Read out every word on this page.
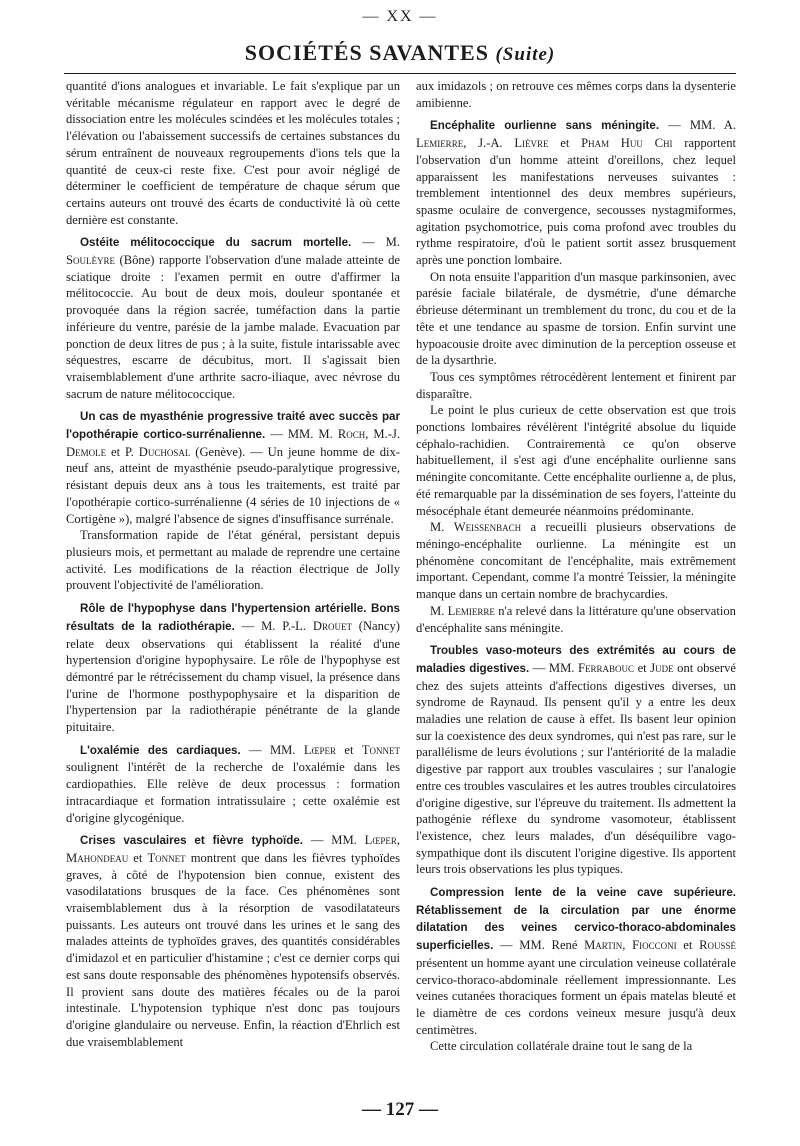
— XX —
SOCIÉTÉS SAVANTES (Suite)

quantité d'ions analogues et invariable. Le fait s'explique par un véritable mécanisme régulateur en rapport avec le degré de dissociation entre les molécules scindées et les molécules totales ; l'élévation ou l'abaissement successifs de certaines substances du sérum entraînent de nouveaux regroupements d'ions tels que la quantité de ceux-ci reste fixe. C'est pour avoir négligé de déterminer le coefficient de température de chaque sérum que certains auteurs ont trouvé des écarts de conductivité là où cette dernière est constante.

Ostéite mélitococcique du sacrum mortelle. — M. Soulèyre (Bône) rapporte l'observation d'une malade atteinte de sciatique droite : l'examen permit en outre d'affirmer la mélitococcie. Au bout de deux mois, douleur spontanée et provoquée dans la région sacrée, tuméfaction dans la partie inférieure du ventre, parésie de la jambe malade. Evacuation par ponction de deux litres de pus ; à la suite, fistule intarissable avec séquestres, escarre de décubitus, mort. Il s'agissait bien vraisemblablement d'une arthrite sacro-iliaque, avec névrose du sacrum de nature mélitococcique.

Un cas de myasthénie progressive traité avec succès par l'opothérapie cortico-surrénalienne. — MM. M. Roch, M.-J. Demole et P. Duchosal (Genève). — Un jeune homme de dix-neuf ans, atteint de myasthénie pseudo-paralytique progressive, résistant depuis deux ans à tous les traitements, est traité par l'opothérapie cortico-surrénalienne (4 séries de 10 injections de « Cortigène »), malgré l'absence de signes d'insuffisance surrénale.

Transformation rapide de l'état général, persistant depuis plusieurs mois, et permettant au malade de reprendre une certaine activité. Les modifications de la réaction électrique de Jolly prouvent l'objectivité de l'amélioration.

Rôle de l'hypophyse dans l'hypertension artérielle. Bons résultats de la radiothérapie. — M. P.-L. Drouet (Nancy) relate deux observations qui établissent la réalité d'une hypertension d'origine hypophysaire. Le rôle de l'hypophyse est démontré par le rétrécissement du champ visuel, la présence dans l'urine de l'hormone posthypophysaire et la disparition de l'hypertension par la radiothérapie pénétrante de la glande pituitaire.

L'oxalémie des cardiaques. — MM. Lœper et Tonnet soulignent l'intérêt de la recherche de l'oxalémie dans les cardiopathies. Elle relève de deux processus : formation intracardiaque et formation intratissulaire ; cette oxalémie est d'origine glycogénique.

Crises vasculaires et fièvre typhoïde. — MM. Lœper, Mahondeau et Tonnet montrent que dans les fièvres typhoïdes graves, à côté de l'hypotension bien connue, existent des vasodilatations brusques de la face. Ces phénomènes sont vraisemblablement dus à la résorption de vasodilatateurs puissants. Les auteurs ont trouvé dans les urines et le sang des malades atteints de typhoïdes graves, des quantités considérables d'imidazol et en particulier d'histamine ; c'est ce dernier corps qui est sans doute responsable des phénomènes hypotensifs observés. Il provient sans doute des matières fécales ou de la paroi intestinale. L'hypotension typhique n'est donc pas toujours d'origine glandulaire ou nerveuse. Enfin, la réaction d'Ehrlich est due vraisemblablement

aux imidazols ; on retrouve ces mêmes corps dans la dysenterie amibienne.

Encéphalite ourlienne sans méningite. — MM. A. Lemierre, J.-A. Lièvre et Pham Huu Chi rapportent l'observation d'un homme atteint d'oreillons, chez lequel apparaissent les manifestations nerveuses suivantes : tremblement intentionnel des deux membres supérieurs, spasme oculaire de convergence, secousses nystagmiformes, agitation psychomotrice, puis coma profond avec troubles du rythme respiratoire, d'où le patient sortit assez brusquement après une ponction lombaire.

On nota ensuite l'apparition d'un masque parkinsonien, avec parésie faciale bilatérale, de dysmétrie, d'une démarche ébrieuse déterminant un tremblement du tronc, du cou et de la tête et une tendance au spasme de torsion. Enfin survint une hypoacousie droite avec diminution de la perception osseuse et de la dysarthrie.

Tous ces symptômes rétrocédèrent lentement et finirent par disparaître.

Le point le plus curieux de cette observation est que trois ponctions lombaires révélèrent l'intégrité absolue du liquide céphalo-rachidien. Contrairementà ce qu'on observe habituellement, il s'est agi d'une encéphalite ourlienne sans méningite concomitante. Cette encéphalite ourlienne a, de plus, été remarquable par la dissémination de ses foyers, l'atteinte du mésocéphale étant demeurée néanmoins prédominante.

M. Weissenbach a recueilli plusieurs observations de méningo-encéphalite ourlienne. La méningite est un phénomène concomitant de l'encéphalite, mais extrêmement important. Cependant, comme l'a montré Teissier, la méningite manque dans un certain nombre de brachycardies.

M. Lemierre n'a relevé dans la littérature qu'une observation d'encéphalite sans méningite.

Troubles vaso-moteurs des extrémités au cours de maladies digestives. — MM. Ferrabouc et Jude ont observé chez des sujets atteints d'affections digestives diverses, un syndrome de Raynaud. Ils pensent qu'il y a entre les deux maladies une relation de cause à effet. Ils basent leur opinion sur la coexistence des deux syndromes, qui n'est pas rare, sur le parallélisme de leurs évolutions ; sur l'antériorité de la maladie digestive par rapport aux troubles vasculaires ; sur l'analogie entre ces troubles vasculaires et les autres troubles circulatoires d'origine digestive, sur l'épreuve du traitement. Ils admettent la pathogénie réflexe du syndrome vasomoteur, établissent l'existence, chez leurs malades, d'un déséquilibre vago-sympathique dont ils discutent l'origine digestive. Ils apportent leurs trois observations les plus typiques.

Compression lente de la veine cave supérieure. Rétablissement de la circulation par une énorme dilatation des veines cervico-thoraco-abdominales superficielles. — MM. René Martin, Fiocconi et Roussé présentent un homme ayant une circulation veineuse collatérale cervico-thoraco-abdominale réellement impressionnante. Les veines cutanées thoraciques forment un épais matelas bleuté et le diamètre de ces cordons veineux mesure jusqu'à deux centimètres.

Cette circulation collatérale draine tout le sang de la

— 127 —
